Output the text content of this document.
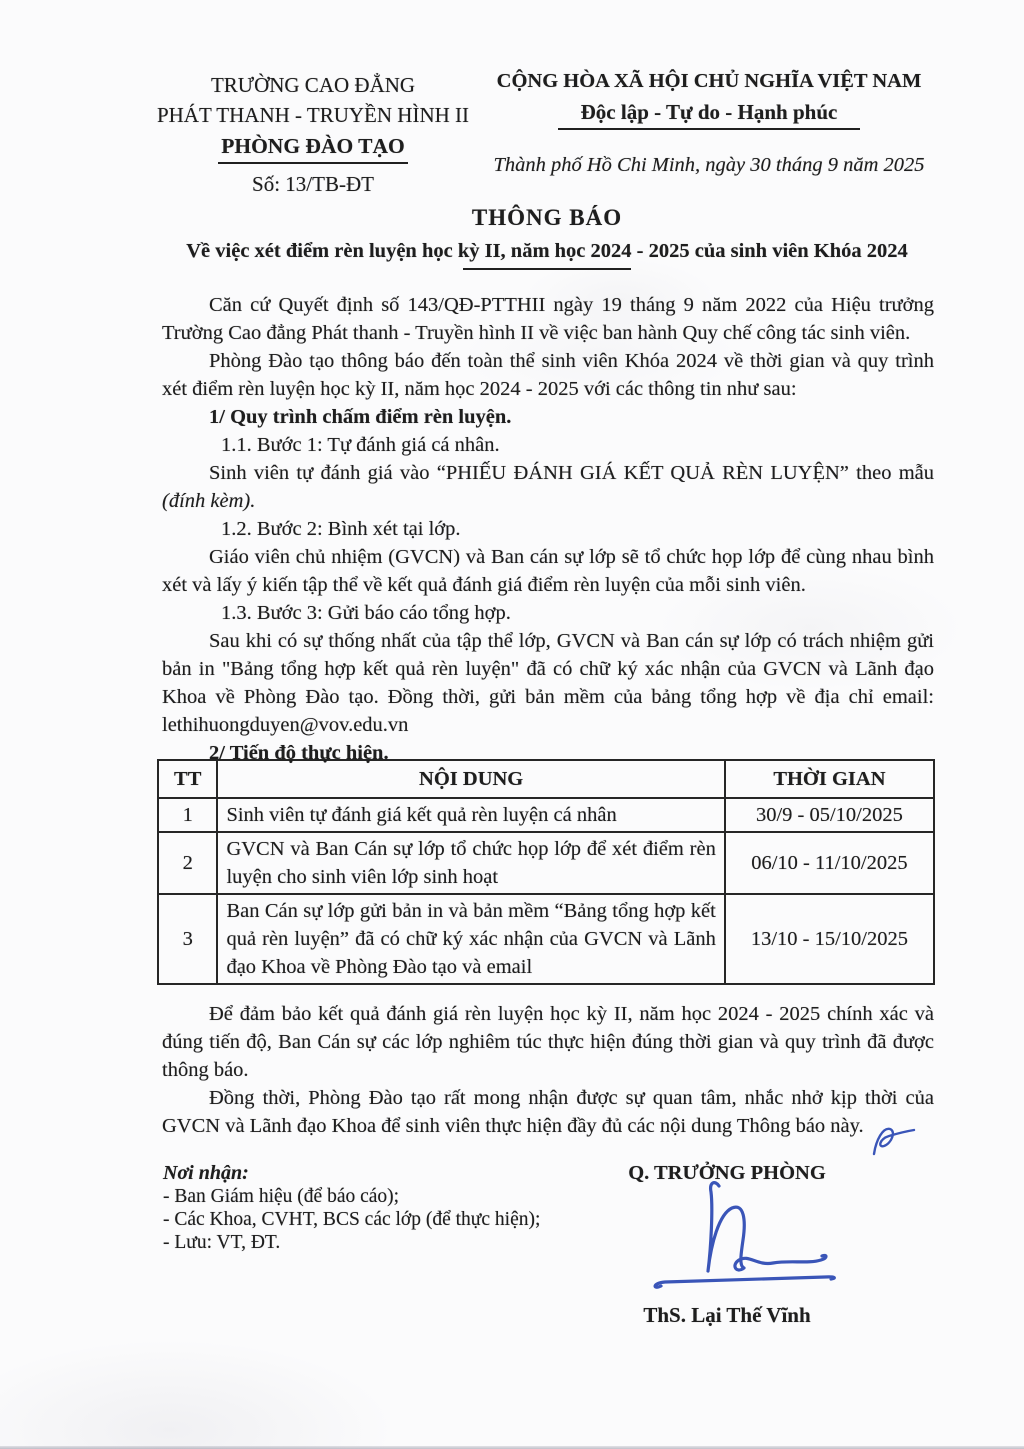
TRƯỜNG CAO ĐẲNG
PHÁT THANH - TRUYỀN HÌNH II
PHÒNG ĐÀO TẠO
Số: 13/TB-ĐT
CỘNG HÒA XÃ HỘI CHỦ NGHĨA VIỆT NAM
Độc lập - Tự do - Hạnh phúc
Thành phố Hồ Chi Minh, ngày 30 tháng 9 năm 2025
THÔNG BÁO
Về việc xét điểm rèn luyện học kỳ II, năm học 2024 - 2025 của sinh viên Khóa 2024

Căn cứ Quyết định số 143/QĐ-PTTHII ngày 19 tháng 9 năm 2022 của Hiệu trưởng Trường Cao đẳng Phát thanh - Truyền hình II về việc ban hành Quy chế công tác sinh viên.

Phòng Đào tạo thông báo đến toàn thể sinh viên Khóa 2024 về thời gian và quy trình xét điểm rèn luyện học kỳ II, năm học 2024 - 2025 với các thông tin như sau:

1/ Quy trình chấm điểm rèn luyện.

1.1. Bước 1: Tự đánh giá cá nhân.

Sinh viên tự đánh giá vào “PHIẾU ĐÁNH GIÁ KẾT QUẢ RÈN LUYỆN” theo mẫu (đính kèm).

1.2. Bước 2: Bình xét tại lớp.

Giáo viên chủ nhiệm (GVCN) và Ban cán sự lớp sẽ tổ chức họp lớp để cùng nhau bình xét và lấy ý kiến tập thể về kết quả đánh giá điểm rèn luyện của mỗi sinh viên.

1.3. Bước 3: Gửi báo cáo tổng hợp.

Sau khi có sự thống nhất của tập thể lớp, GVCN và Ban cán sự lớp có trách nhiệm gửi bản in "Bảng tổng hợp kết quả rèn luyện" đã có chữ ký xác nhận của GVCN và Lãnh đạo Khoa về Phòng Đào tạo. Đồng thời, gửi bản mềm của bảng tổng hợp về địa chỉ email: lethihuongduyen@vov.edu.vn

2/ Tiến độ thực hiện.

TT	NỘI DUNG	THỜI GIAN
1	Sinh viên tự đánh giá kết quả rèn luyện cá nhân	30/9 - 05/10/2025
2	GVCN và Ban Cán sự lớp tổ chức họp lớp để xét điểm rèn luyện cho sinh viên lớp sinh hoạt	06/10 - 11/10/2025
3	Ban Cán sự lớp gửi bản in và bản mềm “Bảng tổng hợp kết quả rèn luyện” đã có chữ ký xác nhận của GVCN và Lãnh đạo Khoa về Phòng Đào tạo và email	13/10 - 15/10/2025

Để đảm bảo kết quả đánh giá rèn luyện học kỳ II, năm học 2024 - 2025 chính xác và đúng tiến độ, Ban Cán sự các lớp nghiêm túc thực hiện đúng thời gian và quy trình đã được thông báo.

Đồng thời, Phòng Đào tạo rất mong nhận được sự quan tâm, nhắc nhở kịp thời của GVCN và Lãnh đạo Khoa để sinh viên thực hiện đầy đủ các nội dung Thông báo này.

Nơi nhận:
- Ban Giám hiệu (để báo cáo);
- Các Khoa, CVHT, BCS các lớp (để thực hiện);
- Lưu: VT, ĐT.
Q. TRƯỞNG PHÒNG
ThS. Lại Thế Vĩnh
